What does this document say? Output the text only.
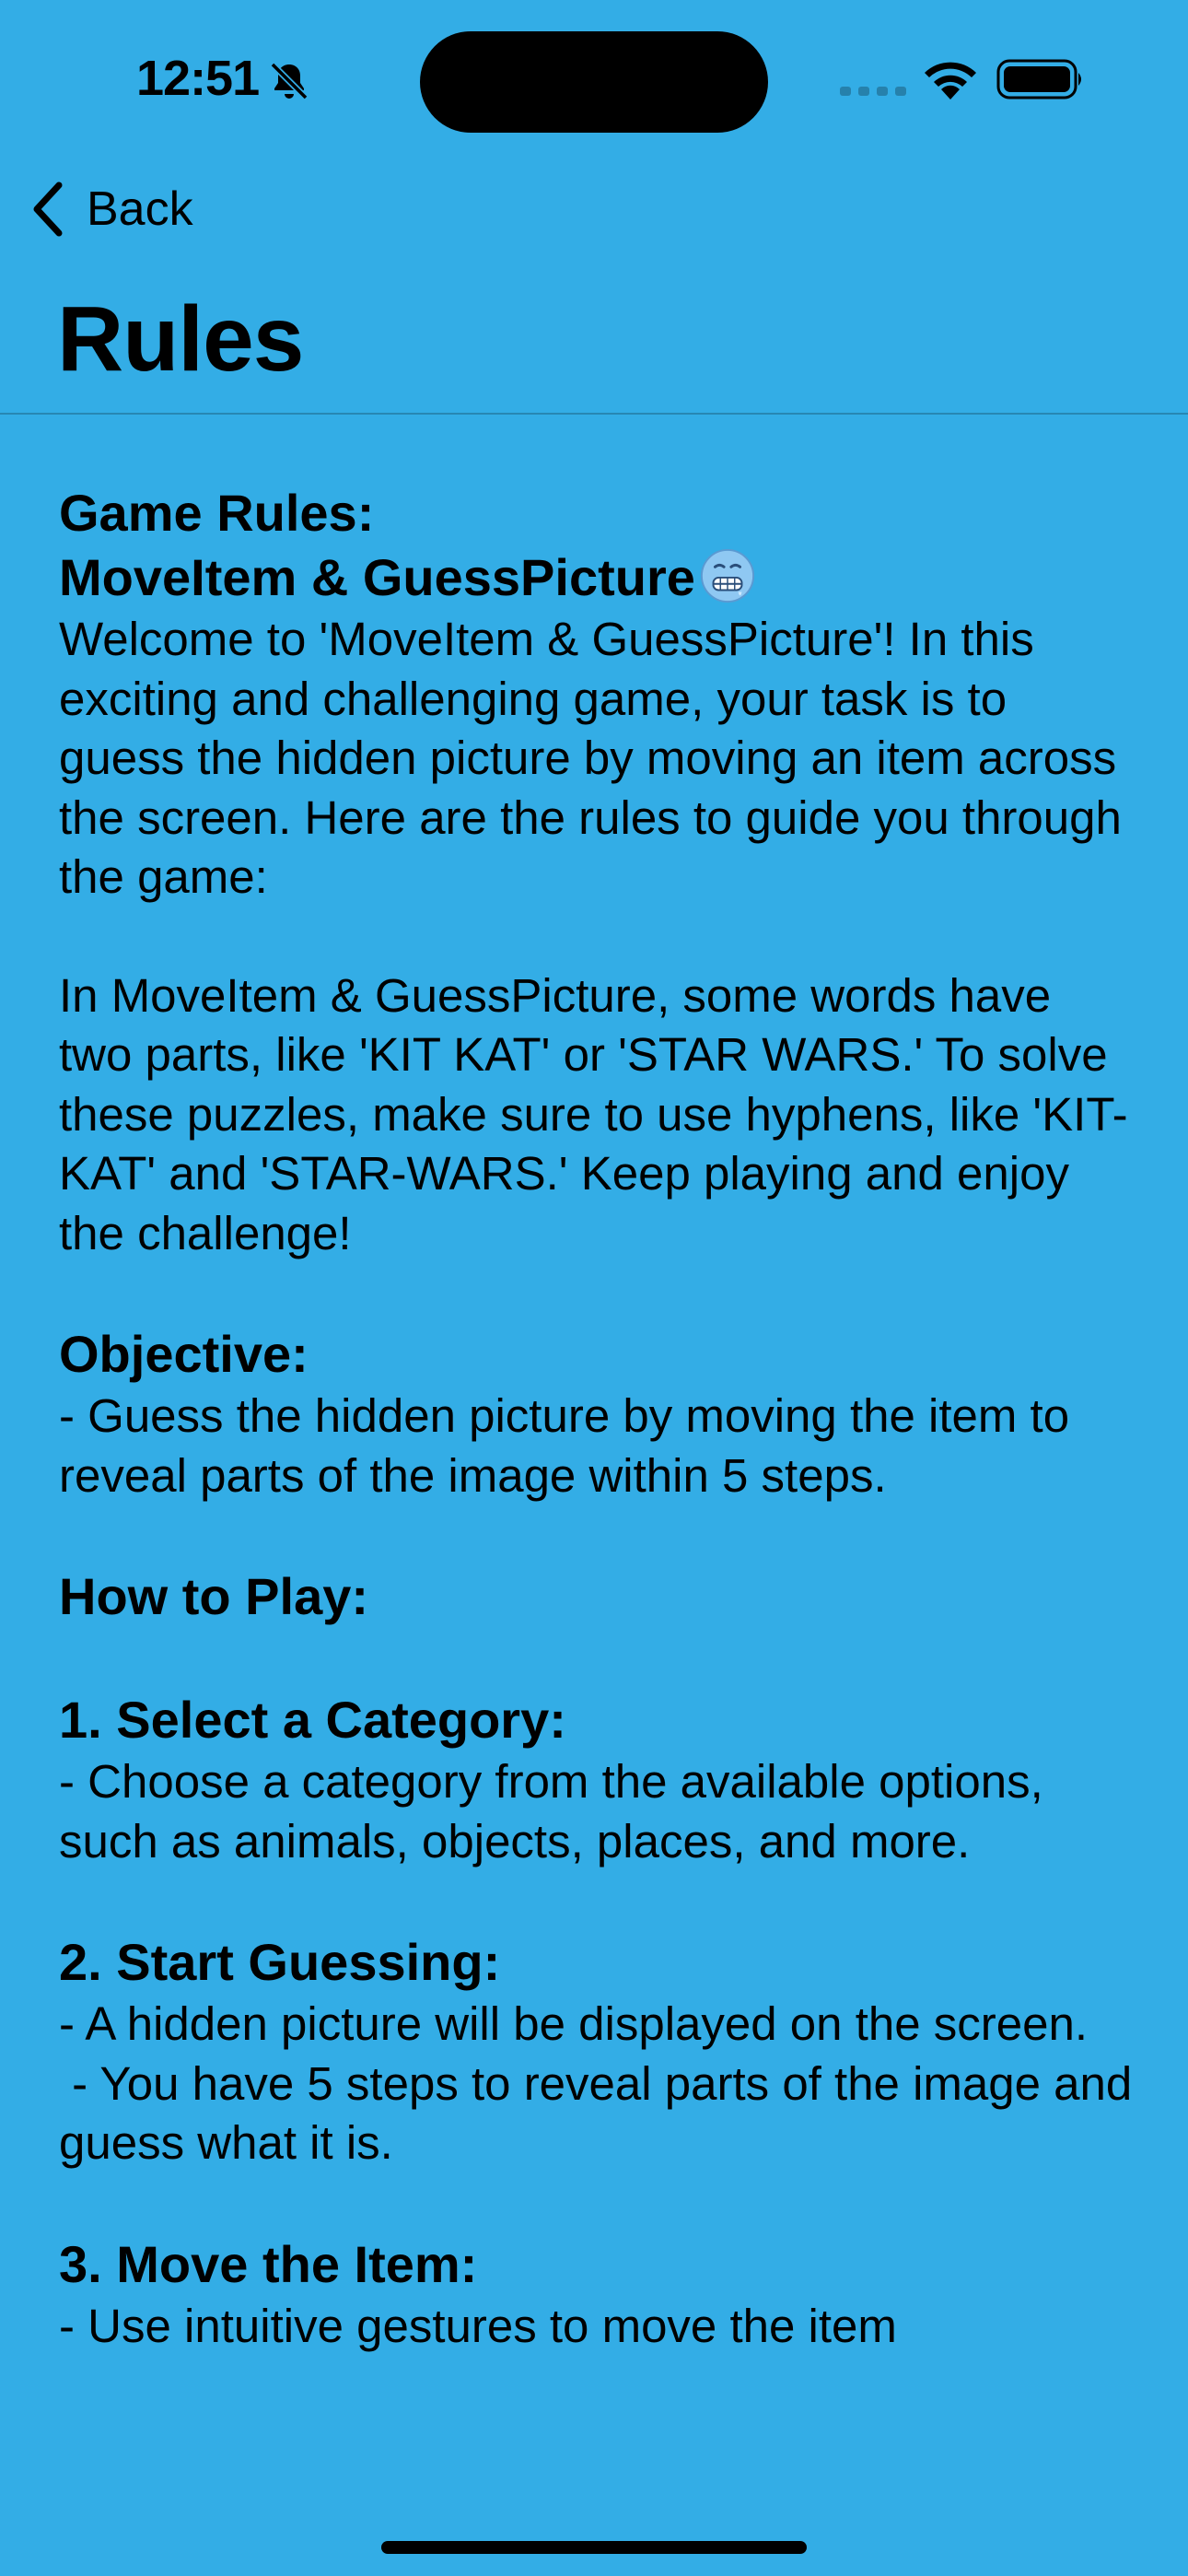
12:51
Back
Rules

Game Rules:

MoveItem & GuessPicture

Welcome to 'MoveItem & GuessPicture'! In this exciting and challenging game, your task is to guess the hidden picture by moving an item across the screen. Here are the rules to guide you through the game:

In MoveItem & GuessPicture, some words have two parts, like 'KIT KAT' or 'STAR WARS.' To solve these puzzles, make sure to use hyphens, like 'KIT-KAT' and 'STAR-WARS.' Keep playing and enjoy the challenge!

Objective:

- Guess the hidden picture by moving the item to reveal parts of the image within 5 steps.

How to Play:

1. Select a Category:

- Choose a category from the available options, such as animals, objects, places, and more.

2. Start Guessing:

- A hidden picture will be displayed on the screen.

- You have 5 steps to reveal parts of the image and guess what it is.

3. Move the Item:

- Use intuitive gestures to move the item
